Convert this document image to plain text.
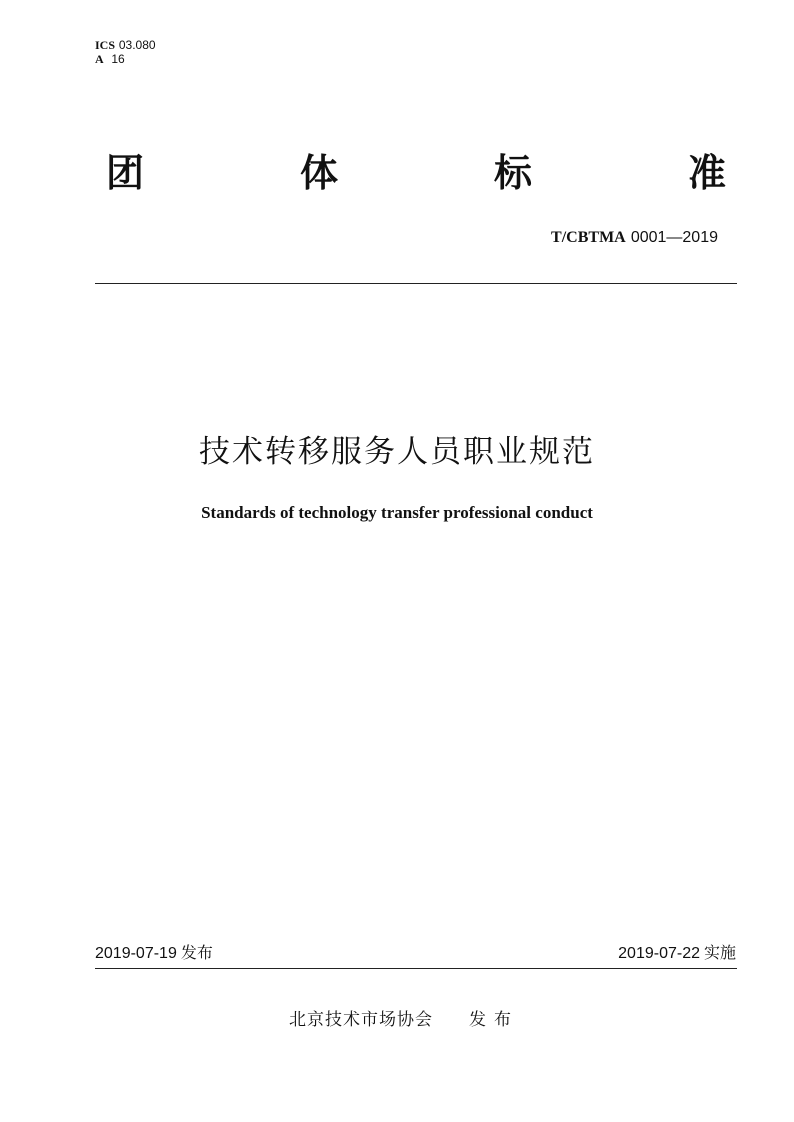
ICS 03.080
A 16
团	体	标	准
T/CBTMA 0001—2019
技术转移服务人员职业规范
Standards of technology transfer professional conduct
2019-07-19 发布	2019-07-22 实施
北京技术市场协会 发布
